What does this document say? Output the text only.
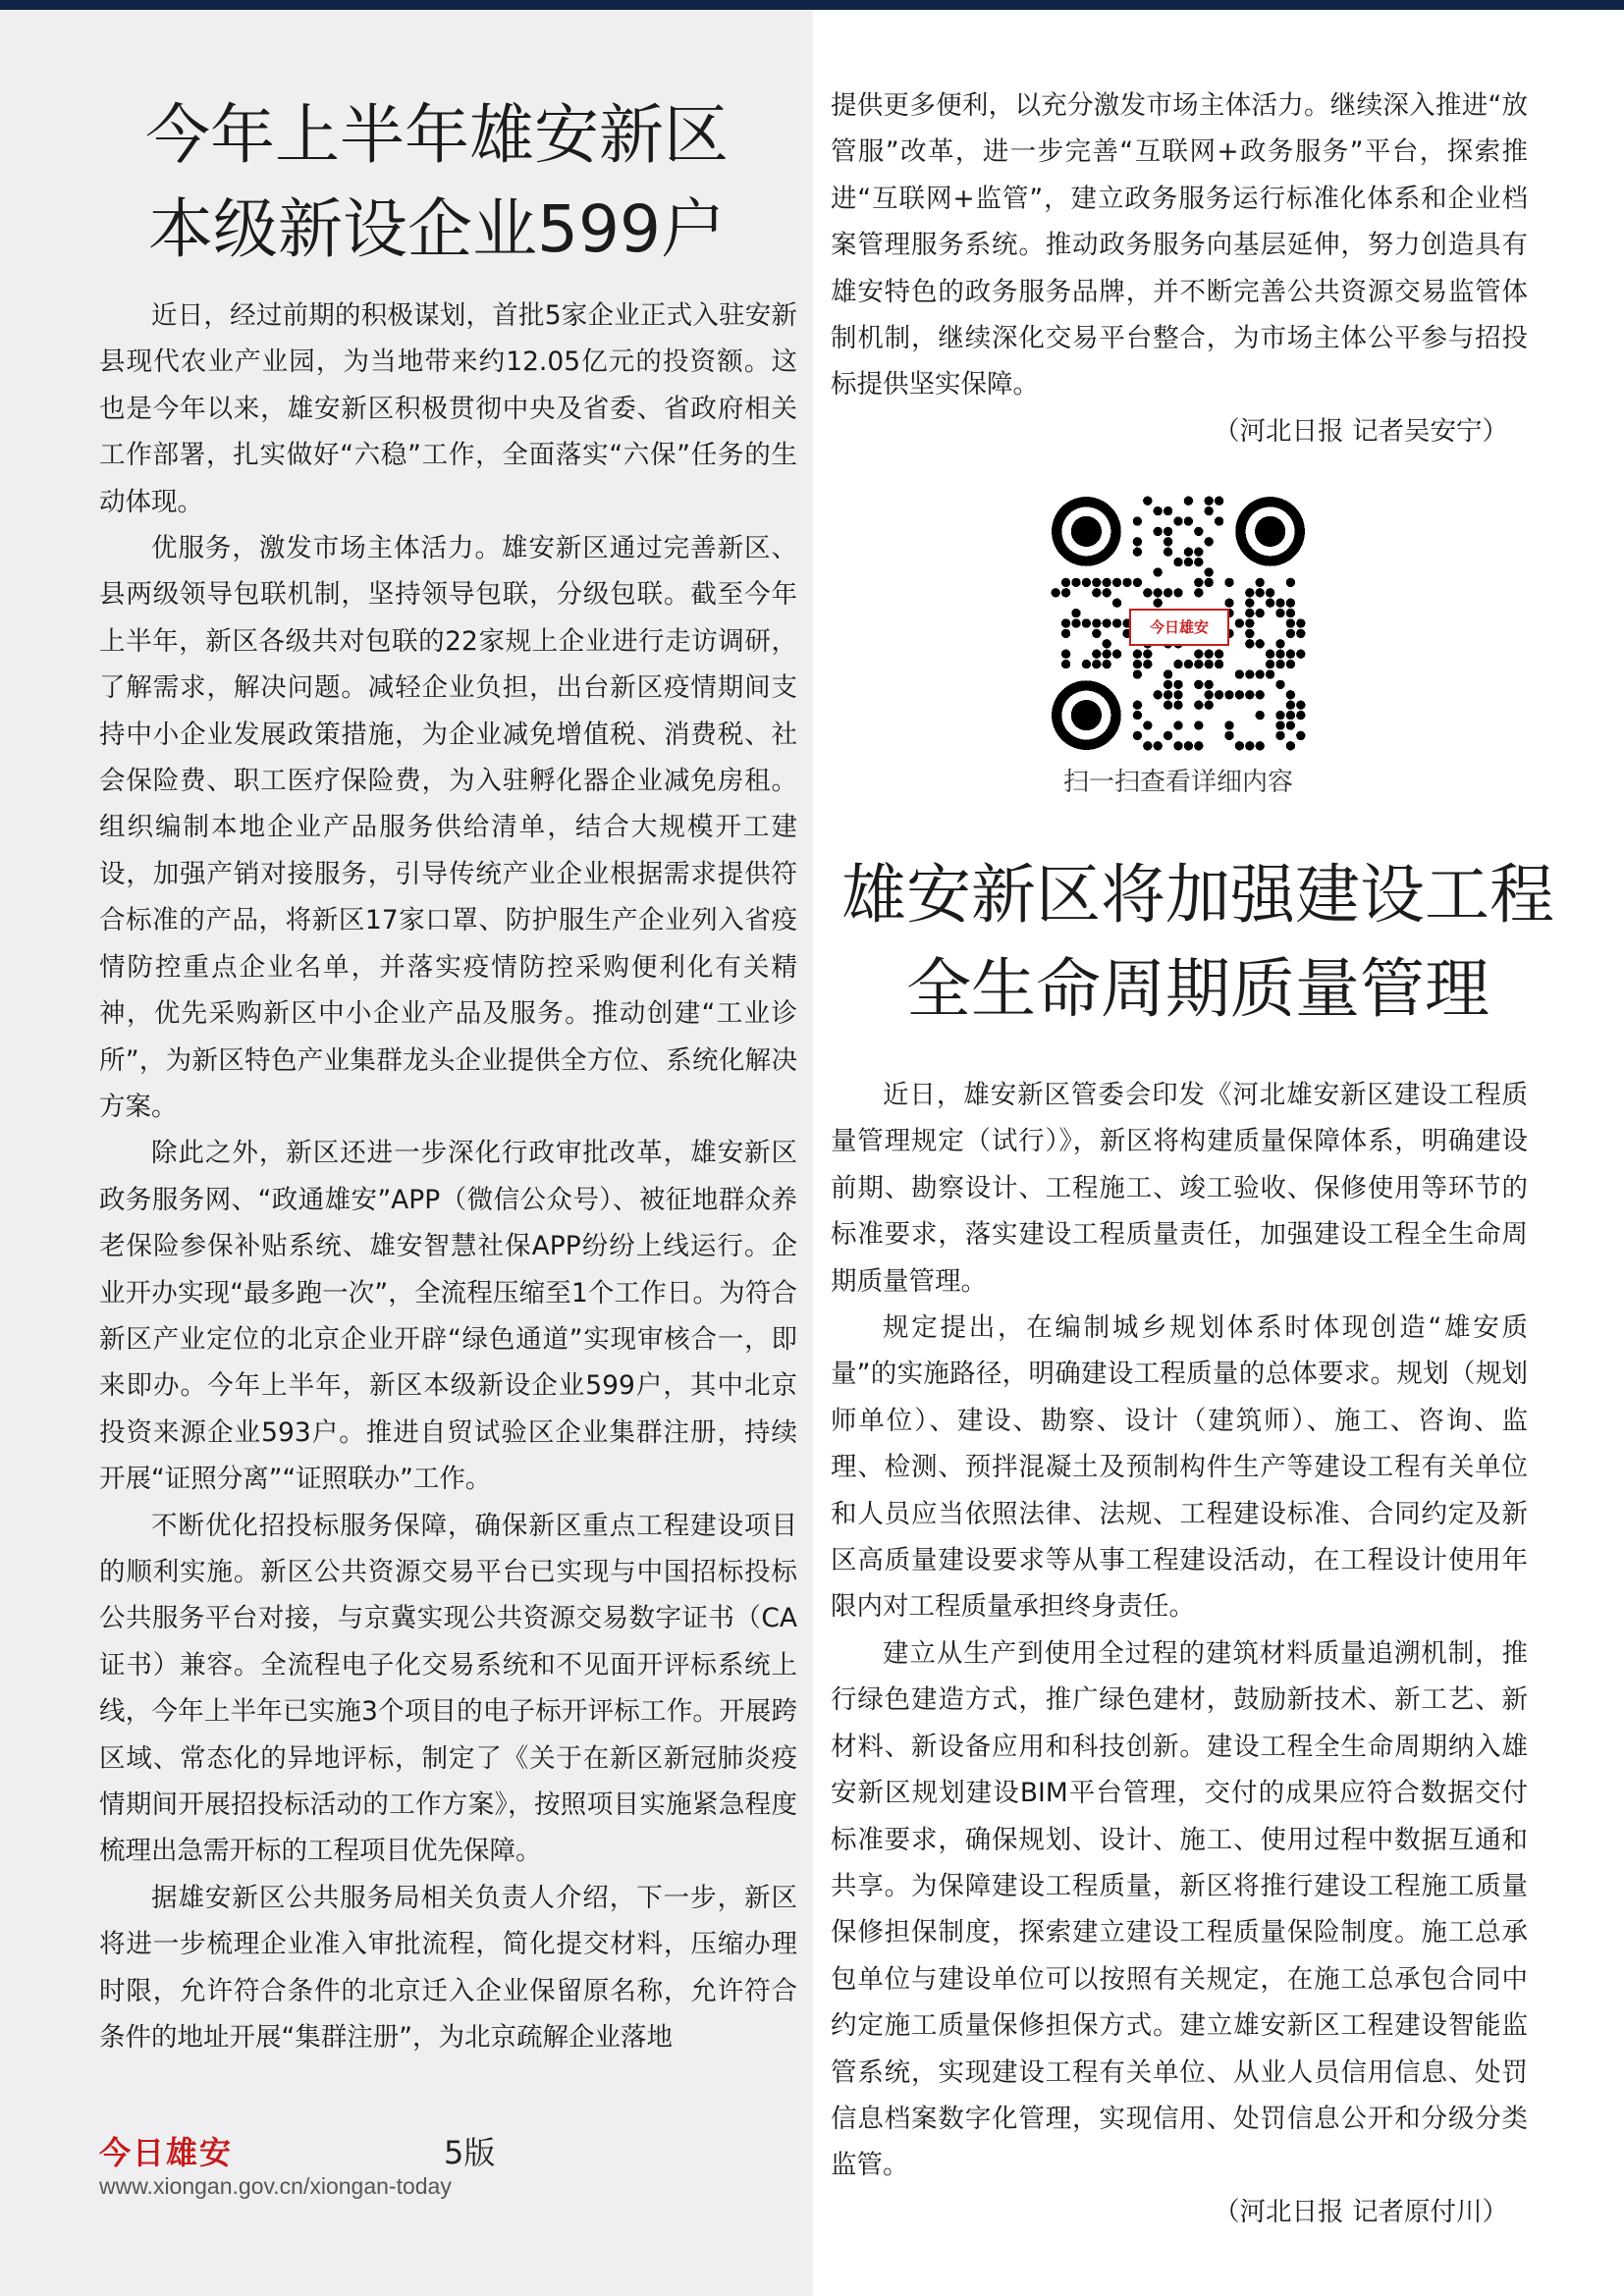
今年上半年雄安新区
本级新设企业599户

近日，经过前期的积极谋划，首批5家企业正式入驻安新县现代农业产业园，为当地带来约12.05亿元的投资额。这也是今年以来，雄安新区积极贯彻中央及省委、省政府相关工作部署，扎实做好“六稳”工作，全面落实“六保”任务的生动体现。

优服务，激发市场主体活力。雄安新区通过完善新区、县两级领导包联机制，坚持领导包联，分级包联。截至今年上半年，新区各级共对包联的22家规上企业进行走访调研，了解需求，解决问题。减轻企业负担，出台新区疫情期间支持中小企业发展政策措施，为企业减免增值税、消费税、社会保险费、职工医疗保险费，为入驻孵化器企业减免房租。组织编制本地企业产品服务供给清单，结合大规模开工建设，加强产销对接服务，引导传统产业企业根据需求提供符合标准的产品，将新区17家口罩、防护服生产企业列入省疫情防控重点企业名单，并落实疫情防控采购便利化有关精神，优先采购新区中小企业产品及服务。推动创建“工业诊所”，为新区特色产业集群龙头企业提供全方位、系统化解决方案。

除此之外，新区还进一步深化行政审批改革，雄安新区政务服务网、“政通雄安”APP（微信公众号）、被征地群众养老保险参保补贴系统、雄安智慧社保APP纷纷上线运行。企业开办实现“最多跑一次”，全流程压缩至1个工作日。为符合新区产业定位的北京企业开辟“绿色通道”实现审核合一，即来即办。今年上半年，新区本级新设企业599户，其中北京投资来源企业593户。推进自贸试验区企业集群注册，持续开展“证照分离”“证照联办”工作。

不断优化招投标服务保障，确保新区重点工程建设项目的顺利实施。新区公共资源交易平台已实现与中国招标投标公共服务平台对接，与京冀实现公共资源交易数字证书（CA证书）兼容。全流程电子化交易系统和不见面开评标系统上线，今年上半年已实施3个项目的电子标开评标工作。开展跨区域、常态化的异地评标，制定了《关于在新区新冠肺炎疫情期间开展招投标活动的工作方案》，按照项目实施紧急程度梳理出急需开标的工程项目优先保障。

据雄安新区公共服务局相关负责人介绍，下一步，新区将进一步梳理企业准入审批流程，简化提交材料，压缩办理时限，允许符合条件的北京迁入企业保留原名称，允许符合条件的地址开展“集群注册”，为北京疏解企业落地

提供更多便利，以充分激发市场主体活力。继续深入推进“放管服”改革，进一步完善“互联网+政务服务”平台，探索推进“互联网+监管”，建立政务服务运行标准化体系和企业档案管理服务系统。推动政务服务向基层延伸，努力创造具有雄安特色的政务服务品牌，并不断完善公共资源交易监管体制机制，继续深化交易平台整合，为市场主体公平参与招投标提供坚实保障。

（河北日报 记者吴安宁）

今日雄安
扫一扫查看详细内容
雄安新区将加强建设工程
全生命周期质量管理

近日，雄安新区管委会印发《河北雄安新区建设工程质量管理规定（试行）》，新区将构建质量保障体系，明确建设前期、勘察设计、工程施工、竣工验收、保修使用等环节的标准要求，落实建设工程质量责任，加强建设工程全生命周期质量管理。

规定提出，在编制城乡规划体系时体现创造“雄安质量”的实施路径，明确建设工程质量的总体要求。规划（规划师单位）、建设、勘察、设计（建筑师）、施工、咨询、监理、检测、预拌混凝土及预制构件生产等建设工程有关单位和人员应当依照法律、法规、工程建设标准、合同约定及新区高质量建设要求等从事工程建设活动，在工程设计使用年限内对工程质量承担终身责任。

建立从生产到使用全过程的建筑材料质量追溯机制，推行绿色建造方式，推广绿色建材，鼓励新技术、新工艺、新材料、新设备应用和科技创新。建设工程全生命周期纳入雄安新区规划建设BIM平台管理，交付的成果应符合数据交付标准要求，确保规划、设计、施工、使用过程中数据互通和共享。为保障建设工程质量，新区将推行建设工程施工质量保修担保制度，探索建立建设工程质量保险制度。施工总承包单位与建设单位可以按照有关规定，在施工总承包合同中约定施工质量保修担保方式。建立雄安新区工程建设智能监管系统，实现建设工程有关单位、从业人员信用信息、处罚信息档案数字化管理，实现信用、处罚信息公开和分级分类监管。

（河北日报 记者原付川）

今日雄安	5版
www.xiongan.gov.cn/xiongan-today
